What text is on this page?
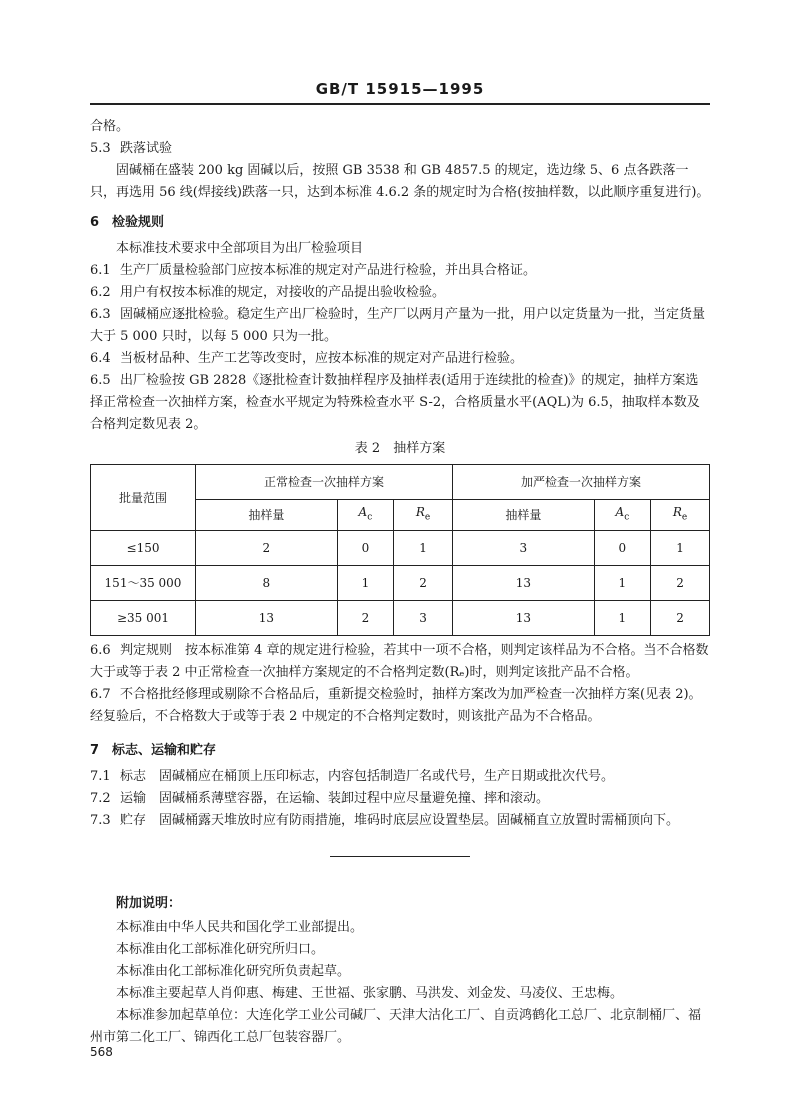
GB/T 15915—1995

合格。

5.3 跌落试验

固碱桶在盛装 200 kg 固碱以后，按照 GB 3538 和 GB 4857.5 的规定，选边缘 5、6 点各跌落一只，再选用 56 线(焊接线)跌落一只，达到本标准 4.6.2 条的规定时为合格(按抽样数，以此顺序重复进行)。

6 检验规则

本标准技术要求中全部项目为出厂检验项目

6.1 生产厂质量检验部门应按本标准的规定对产品进行检验，并出具合格证。

6.2 用户有权按本标准的规定，对接收的产品提出验收检验。

6.3 固碱桶应逐批检验。稳定生产出厂检验时，生产厂以两月产量为一批，用户以定货量为一批，当定货量大于 5 000 只时，以每 5 000 只为一批。

6.4 当板材品种、生产工艺等改变时，应按本标准的规定对产品进行检验。

6.5 出厂检验按 GB 2828《逐批检查计数抽样程序及抽样表(适用于连续批的检查)》的规定，抽样方案选择正常检查一次抽样方案，检查水平规定为特殊检查水平 S-2，合格质量水平(AQL)为 6.5，抽取样本数及合格判定数见表 2。

表 2　抽样方案

批量范围	正常检查一次抽样方案			加严检查一次抽样方案		
	抽样量	$A_c$	$R_e$	抽样量	$A_c$	$R_e$
≤150	2	0	1	3	0	1
151～35 000	8	1	2	13	1	2
≥35 001	13	2	3	13	1	2

6.6 判定规则　按本标准第 4 章的规定进行检验，若其中一项不合格，则判定该样品为不合格。当不合格数大于或等于表 2 中正常检查一次抽样方案规定的不合格判定数(Rₑ)时，则判定该批产品不合格。

6.7 不合格批经修理或剔除不合格品后，重新提交检验时，抽样方案改为加严检查一次抽样方案(见表 2)。经复验后，不合格数大于或等于表 2 中规定的不合格判定数时，则该批产品为不合格品。

7 标志、运输和贮存

7.1 标志　固碱桶应在桶顶上压印标志，内容包括制造厂名或代号，生产日期或批次代号。

7.2 运输　固碱桶系薄壁容器，在运输、装卸过程中应尽量避免撞、摔和滚动。

7.3 贮存　固碱桶露天堆放时应有防雨措施，堆码时底层应设置垫层。固碱桶直立放置时需桶顶向下。

附加说明：

本标准由中华人民共和国化学工业部提出。

本标准由化工部标准化研究所归口。

本标准由化工部标准化研究所负责起草。

本标准主要起草人肖仰惠、梅建、王世福、张家鹏、马洪发、刘金发、马凌仪、王忠梅。

本标准参加起草单位：大连化学工业公司碱厂、天津大沽化工厂、自贡鸿鹤化工总厂、北京制桶厂、福州市第二化工厂、锦西化工总厂包装容器厂。

568
